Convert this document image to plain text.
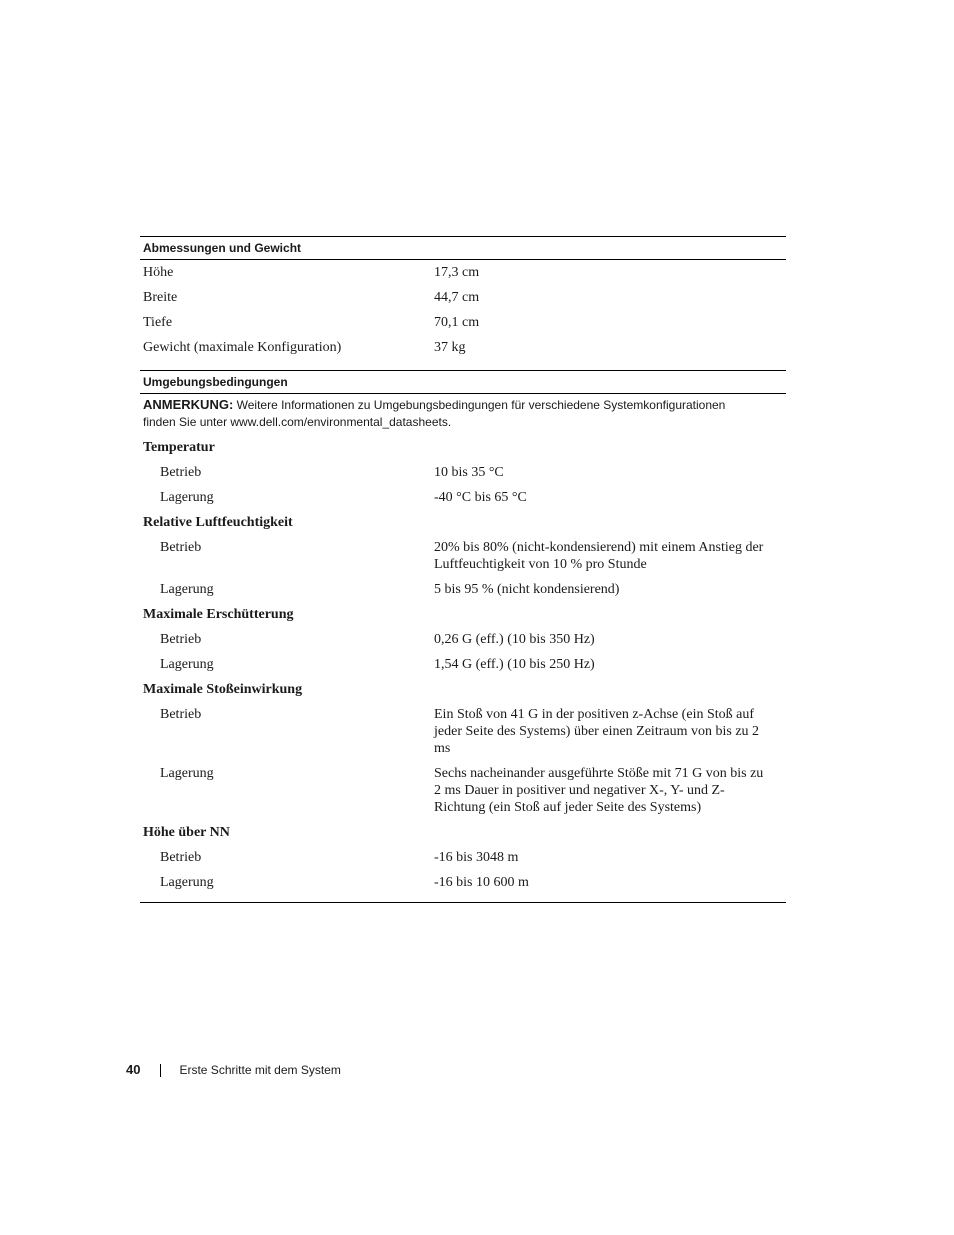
Abmessungen und Gewicht
Höhe	17,3 cm
Breite	44,7 cm
Tiefe	70,1 cm
Gewicht (maximale Konfiguration)	37 kg
Umgebungsbedingungen
ANMERKUNG: Weitere Informationen zu Umgebungsbedingungen für verschiedene Systemkonfigurationen finden Sie unter www.dell.com/environmental_datasheets.
Temperatur
Betrieb	10 bis 35 °C
Lagerung	-40 °C bis 65 °C
Relative Luftfeuchtigkeit
Betrieb	20% bis 80% (nicht-kondensierend) mit einem Anstieg der Luftfeuchtigkeit von 10 % pro Stunde
Lagerung	5 bis 95 % (nicht kondensierend)
Maximale Erschütterung
Betrieb	0,26 G (eff.) (10 bis 350 Hz)
Lagerung	1,54 G (eff.) (10 bis 250 Hz)
Maximale Stoßeinwirkung
Betrieb	Ein Stoß von 41 G in der positiven z-Achse (ein Stoß auf jeder Seite des Systems) über einen Zeitraum von bis zu 2 ms
Lagerung	Sechs nacheinander ausgeführte Stöße mit 71 G von bis zu 2 ms Dauer in positiver und negativer X-, Y- und Z-Richtung (ein Stoß auf jeder Seite des Systems)
Höhe über NN
Betrieb	-16 bis 3048 m
Lagerung	-16 bis 10 600 m
40	Erste Schritte mit dem System
